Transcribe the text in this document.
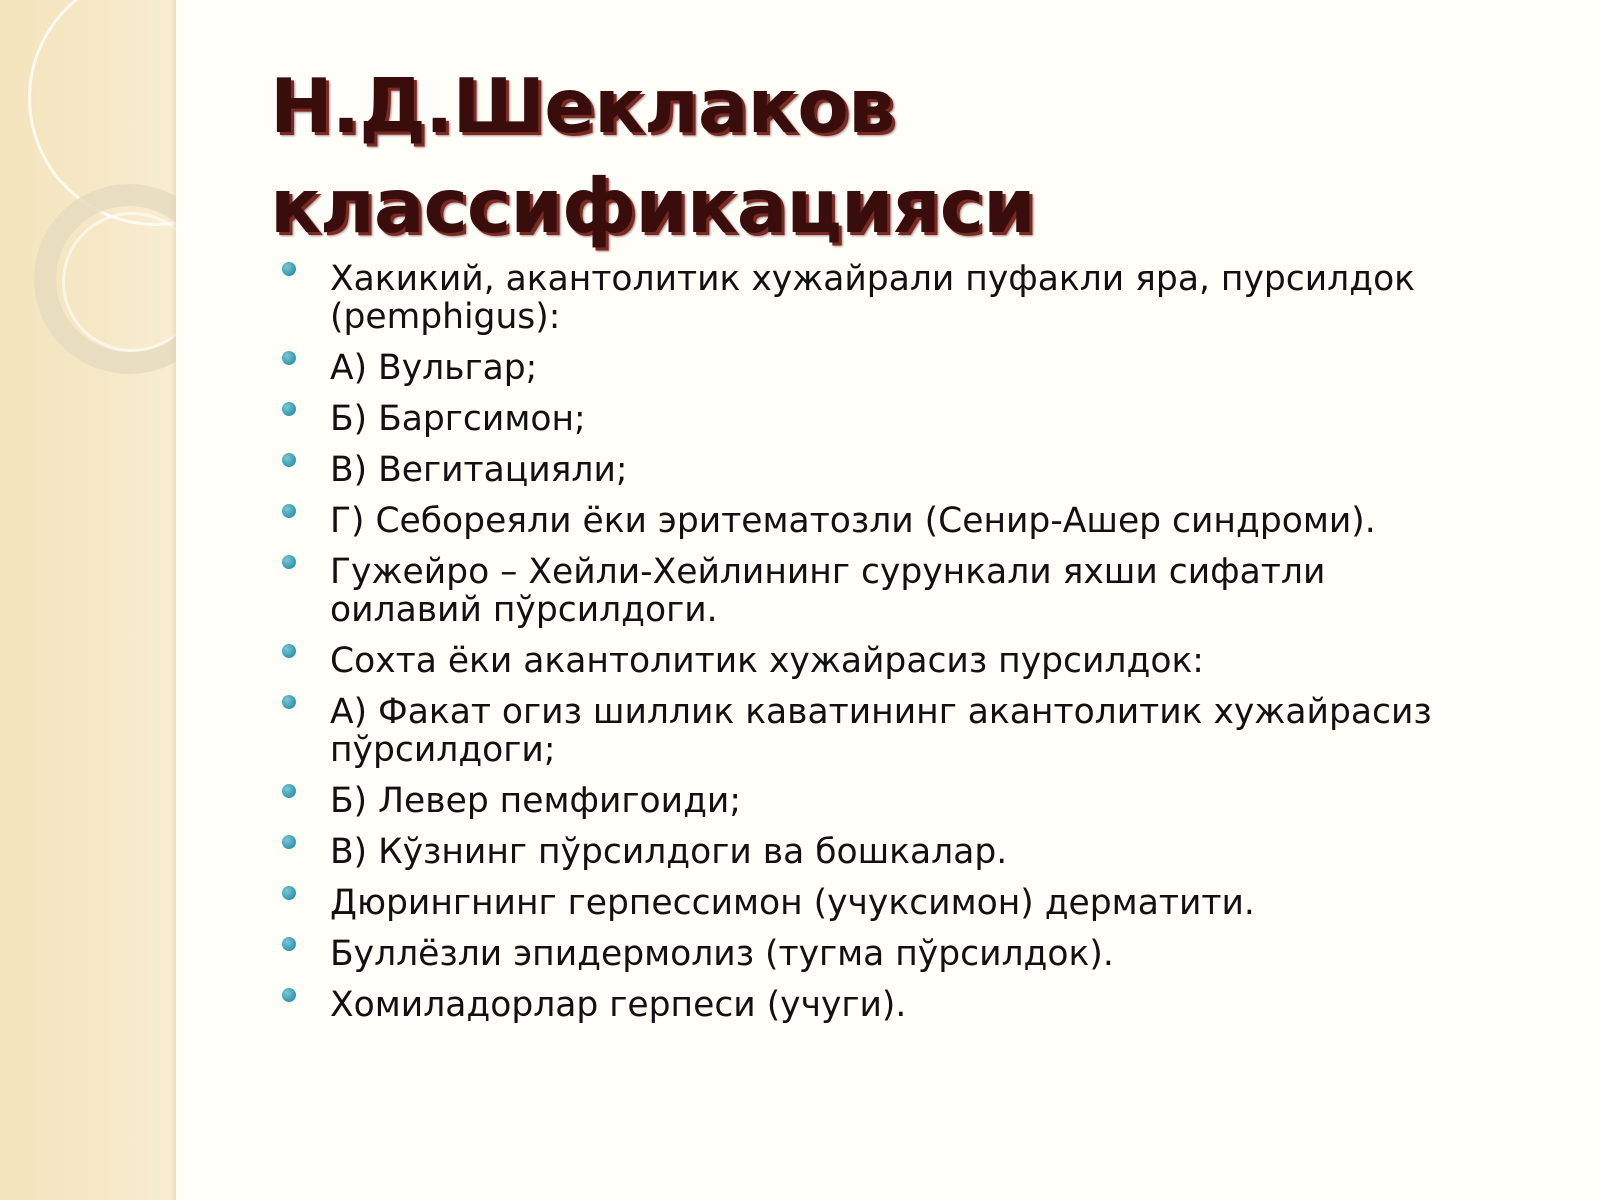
Н.Д.Шеклаков
классификацияси
Хакикий, акантолитик хужайрали пуфакли яра, пурсилдок (pemphigus):
А) Вульгар;
Б) Баргсимон;
В) Вегитацияли;
Г) Себореяли ёки эритематозли (Сенир-Ашер синдроми).
Гужейро – Хейли-Хейлининг сурункали яхши сифатли оилавий пўрсилдоги.
Сохта ёки акантолитик хужайрасиз пурсилдок:
А) Факат огиз шиллик каватининг акантолитик хужайрасиз пўрсилдоги;
Б) Левер пемфигоиди;
В) Кўзнинг пўрсилдоги ва бошкалар.
Дюрингнинг герпессимон (учуксимон) дерматити.
Буллёзли эпидермолиз (тугма пўрсилдок).
Хомиладорлар герпеси (учуги).
